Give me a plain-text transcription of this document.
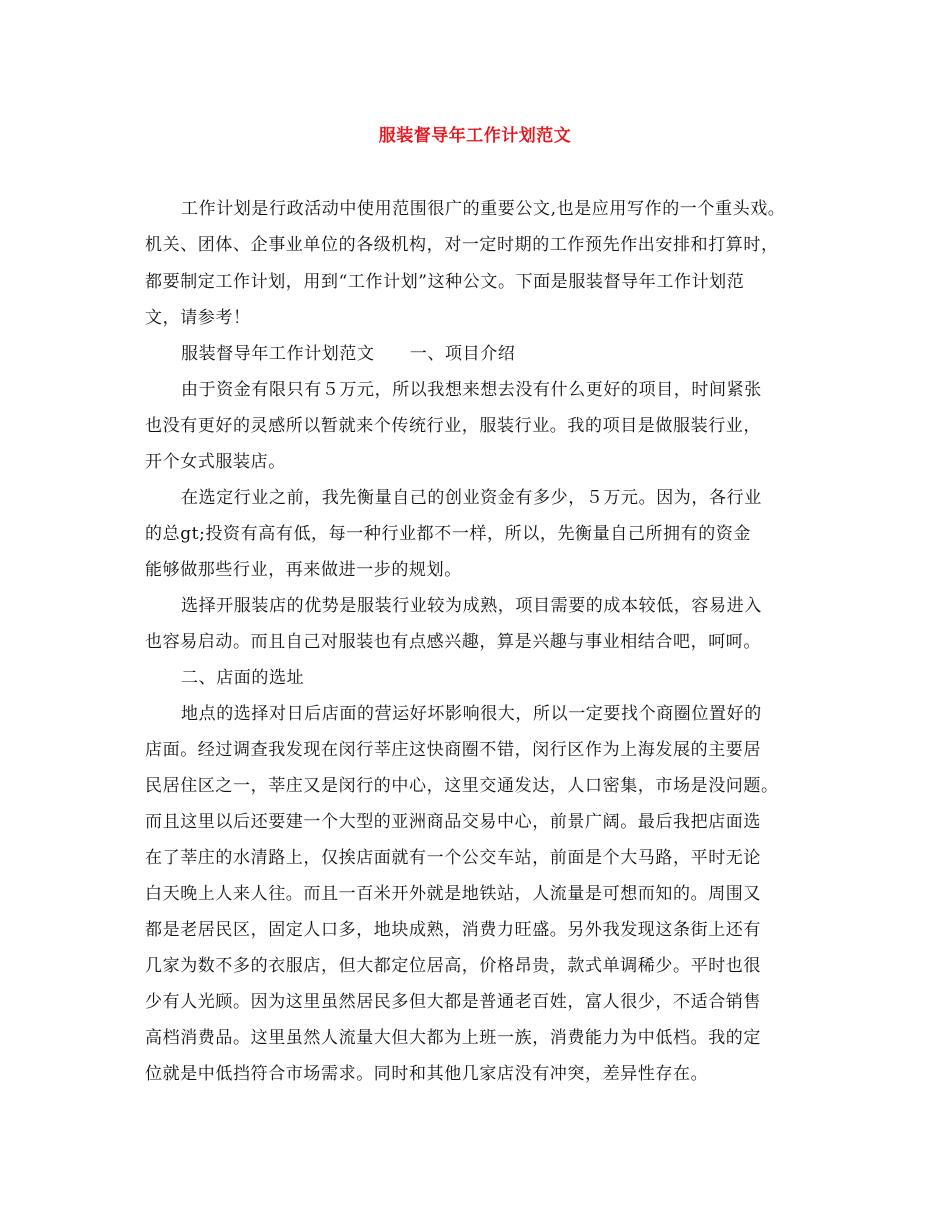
服装督导年工作计划范文
工作计划是行政活动中使用范围很广的重要公文,也是应用写作的一个重头戏。
机关、团体、企事业单位的各级机构，对一定时期的工作预先作出安排和打算时，
都要制定工作计划，用到“工作计划”这种公文。下面是服装督导年工作计划范
文，请参考！
服装督导年工作计划范文　　一、项目介绍
由于资金有限只有５万元，所以我想来想去没有什么更好的项目，时间紧张
也没有更好的灵感所以暂就来个传统行业，服装行业。我的项目是做服装行业，
开个女式服装店。
在选定行业之前，我先衡量自己的创业资金有多少，５万元。因为，各行业
的总gt;投资有高有低，每一种行业都不一样，所以，先衡量自己所拥有的资金
能够做那些行业，再来做进一步的规划。
选择开服装店的优势是服装行业较为成熟，项目需要的成本较低，容易进入
也容易启动。而且自己对服装也有点感兴趣，算是兴趣与事业相结合吧，呵呵。
二、店面的选址
地点的选择对日后店面的营运好坏影响很大，所以一定要找个商圈位置好的
店面。经过调查我发现在闵行莘庄这快商圈不错，闵行区作为上海发展的主要居
民居住区之一，莘庄又是闵行的中心，这里交通发达，人口密集，市场是没问题。
而且这里以后还要建一个大型的亚洲商品交易中心，前景广阔。最后我把店面选
在了莘庄的水清路上，仅挨店面就有一个公交车站，前面是个大马路，平时无论
白天晚上人来人往。而且一百米开外就是地铁站，人流量是可想而知的。周围又
都是老居民区，固定人口多，地块成熟，消费力旺盛。另外我发现这条街上还有
几家为数不多的衣服店，但大都定位居高，价格昂贵，款式单调稀少。平时也很
少有人光顾。因为这里虽然居民多但大都是普通老百姓，富人很少，不适合销售
高档消费品。这里虽然人流量大但大都为上班一族，消费能力为中低档。我的定
位就是中低挡符合市场需求。同时和其他几家店没有冲突，差异性存在。
